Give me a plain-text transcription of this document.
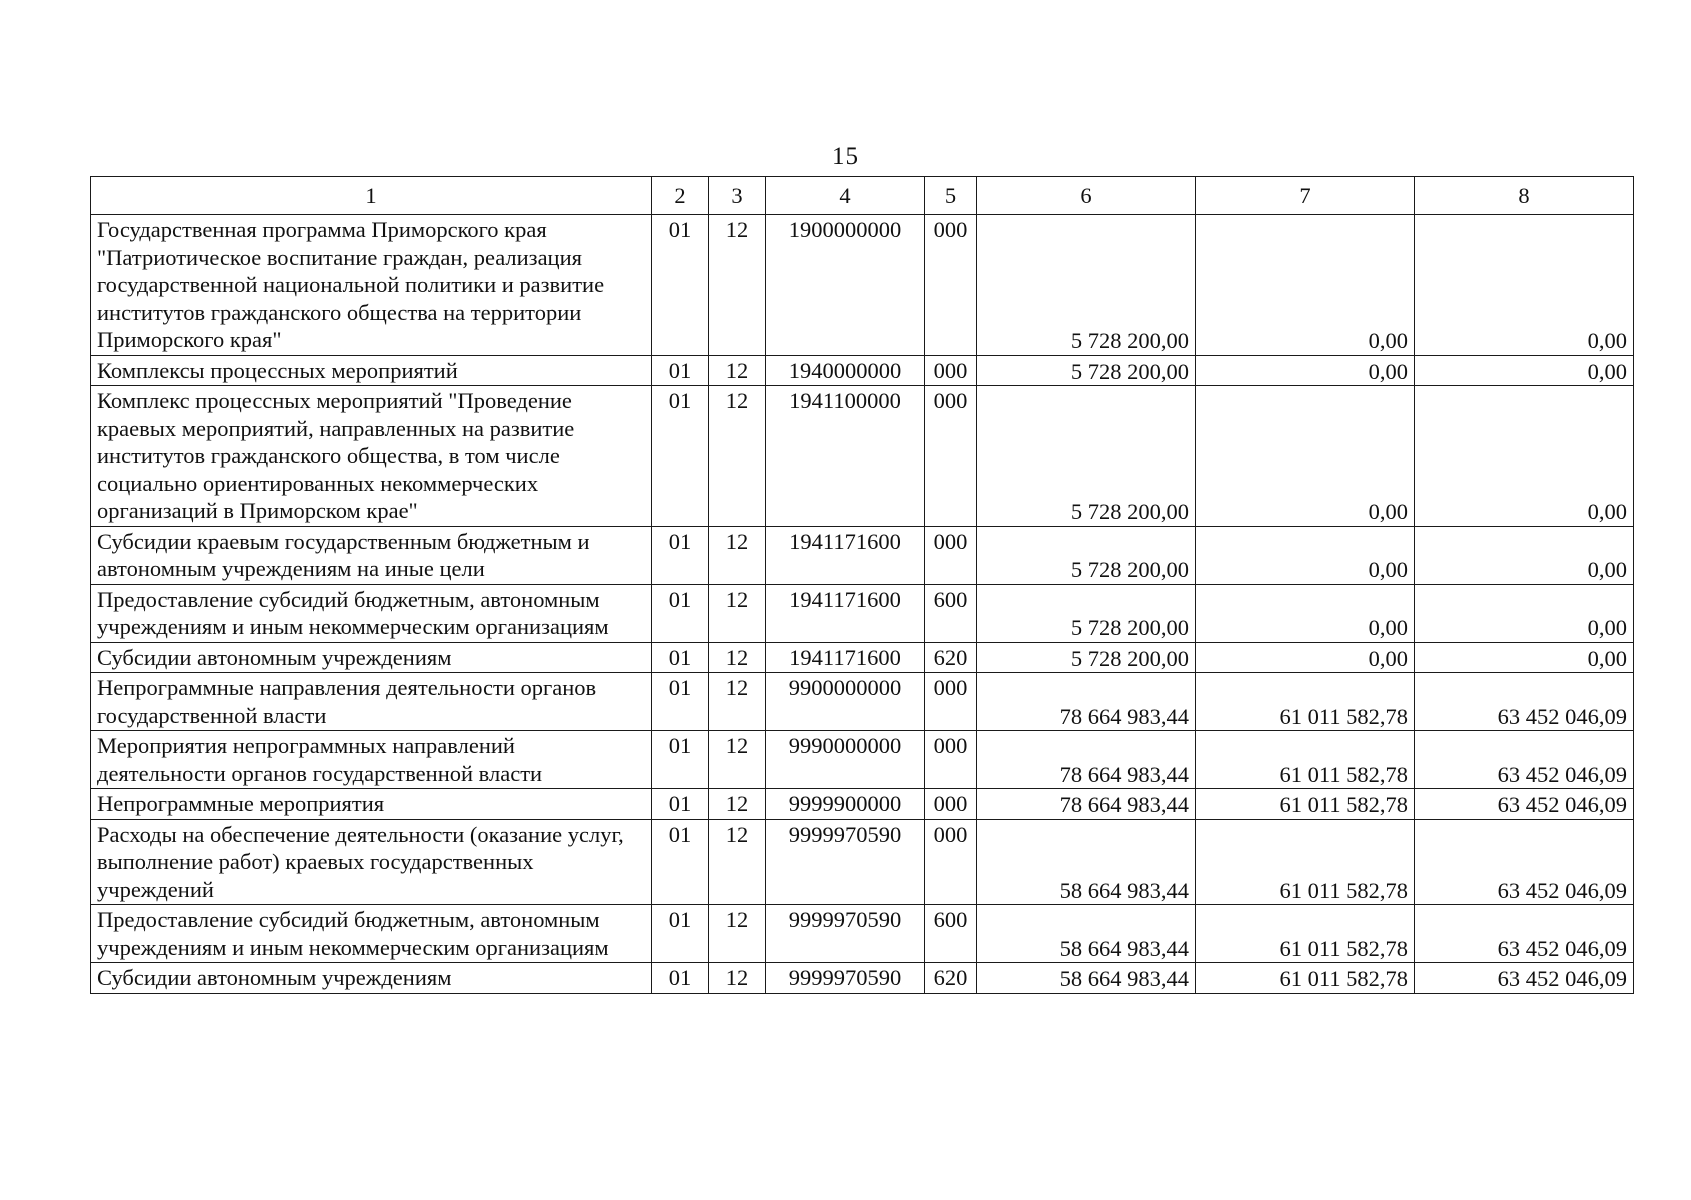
15
1	2	3	4	5	6	7	8
Государственная программа Приморского края "Патриотическое воспитание граждан, реализация государственной национальной политики и развитие институтов гражданского общества на территории Приморского края"	01	12	1900000000	000	5 728 200,00	0,00	0,00
Комплексы процессных мероприятий	01	12	1940000000	000	5 728 200,00	0,00	0,00
Комплекс процессных мероприятий "Проведение краевых мероприятий, направленных на развитие институтов гражданского общества, в том числе социально ориентированных некоммерческих организаций в Приморском крае"	01	12	1941100000	000	5 728 200,00	0,00	0,00
Субсидии краевым государственным бюджетным и автономным учреждениям на иные цели	01	12	1941171600	000	5 728 200,00	0,00	0,00
Предоставление субсидий бюджетным, автономным учреждениям и иным некоммерческим организациям	01	12	1941171600	600	5 728 200,00	0,00	0,00
Субсидии автономным учреждениям	01	12	1941171600	620	5 728 200,00	0,00	0,00
Непрограммные направления деятельности органов государственной власти	01	12	9900000000	000	78 664 983,44	61 011 582,78	63 452 046,09
Мероприятия непрограммных направлений деятельности органов государственной власти	01	12	9990000000	000	78 664 983,44	61 011 582,78	63 452 046,09
Непрограммные мероприятия	01	12	9999900000	000	78 664 983,44	61 011 582,78	63 452 046,09
Расходы на обеспечение деятельности (оказание услуг, выполнение работ) краевых государственных учреждений	01	12	9999970590	000	58 664 983,44	61 011 582,78	63 452 046,09
Предоставление субсидий бюджетным, автономным учреждениям и иным некоммерческим организациям	01	12	9999970590	600	58 664 983,44	61 011 582,78	63 452 046,09
Субсидии автономным учреждениям	01	12	9999970590	620	58 664 983,44	61 011 582,78	63 452 046,09
